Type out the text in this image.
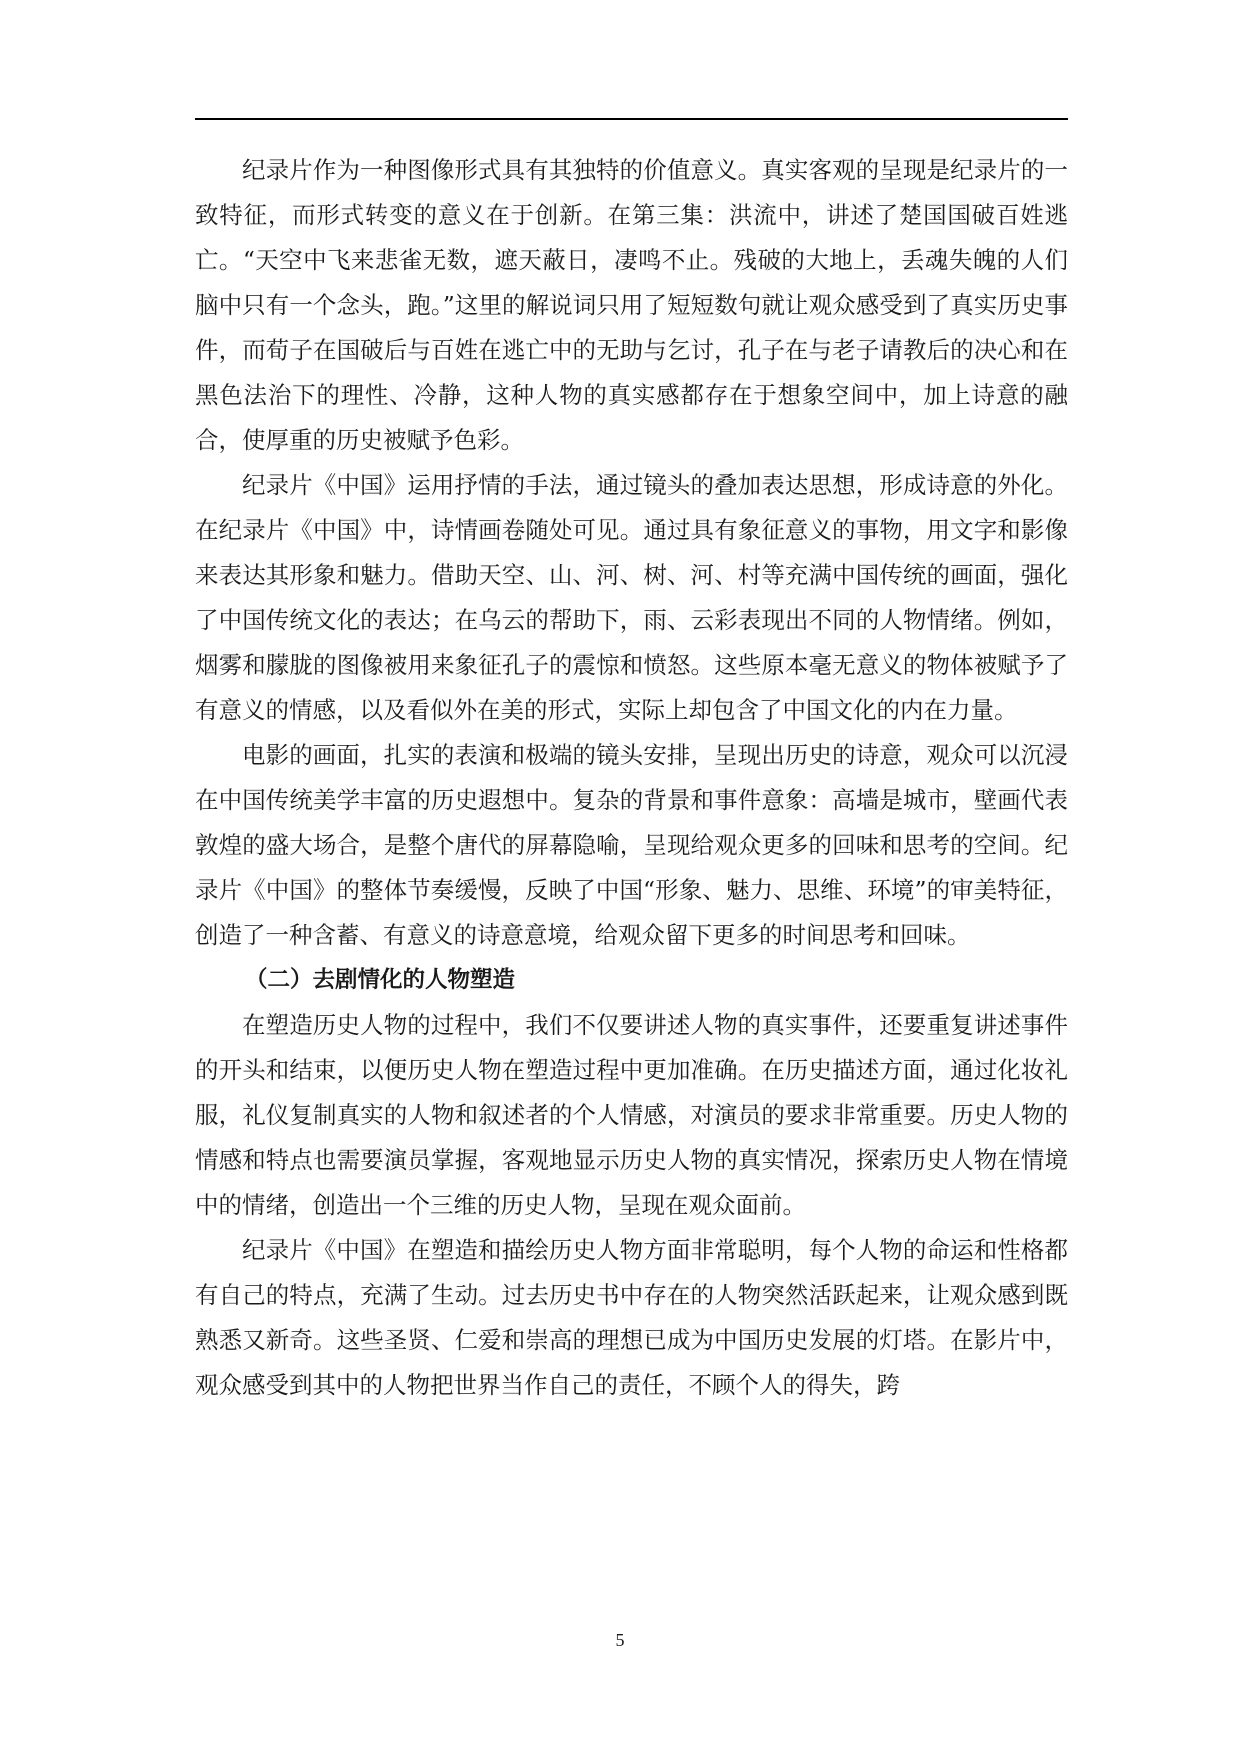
纪录片作为一种图像形式具有其独特的价值意义。真实客观的呈现是纪录片的一致特征，而形式转变的意义在于创新。在第三集：洪流中，讲述了楚国国破百姓逃亡。“天空中飞来悲雀无数，遮天蔽日，凄鸣不止。残破的大地上，丢魂失魄的人们脑中只有一个念头，跑。”这里的解说词只用了短短数句就让观众感受到了真实历史事件，而荀子在国破后与百姓在逃亡中的无助与乞讨，孔子在与老子请教后的决心和在黑色法治下的理性、冷静，这种人物的真实感都存在于想象空间中，加上诗意的融合，使厚重的历史被赋予色彩。

纪录片《中国》运用抒情的手法，通过镜头的叠加表达思想，形成诗意的外化。在纪录片《中国》中，诗情画卷随处可见。通过具有象征意义的事物，用文字和影像来表达其形象和魅力。借助天空、山、河、树、河、村等充满中国传统的画面，强化了中国传统文化的表达；在乌云的帮助下，雨、云彩表现出不同的人物情绪。例如，烟雾和朦胧的图像被用来象征孔子的震惊和愤怒。这些原本毫无意义的物体被赋予了有意义的情感，以及看似外在美的形式，实际上却包含了中国文化的内在力量。

电影的画面，扎实的表演和极端的镜头安排，呈现出历史的诗意，观众可以沉浸在中国传统美学丰富的历史遐想中。复杂的背景和事件意象：高墙是城市，壁画代表敦煌的盛大场合，是整个唐代的屏幕隐喻，呈现给观众更多的回味和思考的空间。纪录片《中国》的整体节奏缓慢，反映了中国“形象、魅力、思维、环境”的审美特征，创造了一种含蓄、有意义的诗意意境，给观众留下更多的时间思考和回味。

（二）去剧情化的人物塑造

在塑造历史人物的过程中，我们不仅要讲述人物的真实事件，还要重复讲述事件的开头和结束，以便历史人物在塑造过程中更加准确。在历史描述方面，通过化妆礼服，礼仪复制真实的人物和叙述者的个人情感，对演员的要求非常重要。历史人物的情感和特点也需要演员掌握，客观地显示历史人物的真实情况，探索历史人物在情境中的情绪，创造出一个三维的历史人物，呈现在观众面前。

纪录片《中国》在塑造和描绘历史人物方面非常聪明，每个人物的命运和性格都有自己的特点，充满了生动。过去历史书中存在的人物突然活跃起来，让观众感到既熟悉又新奇。这些圣贤、仁爱和崇高的理想已成为中国历史发展的灯塔。在影片中，观众感受到其中的人物把世界当作自己的责任，不顾个人的得失，跨

5
